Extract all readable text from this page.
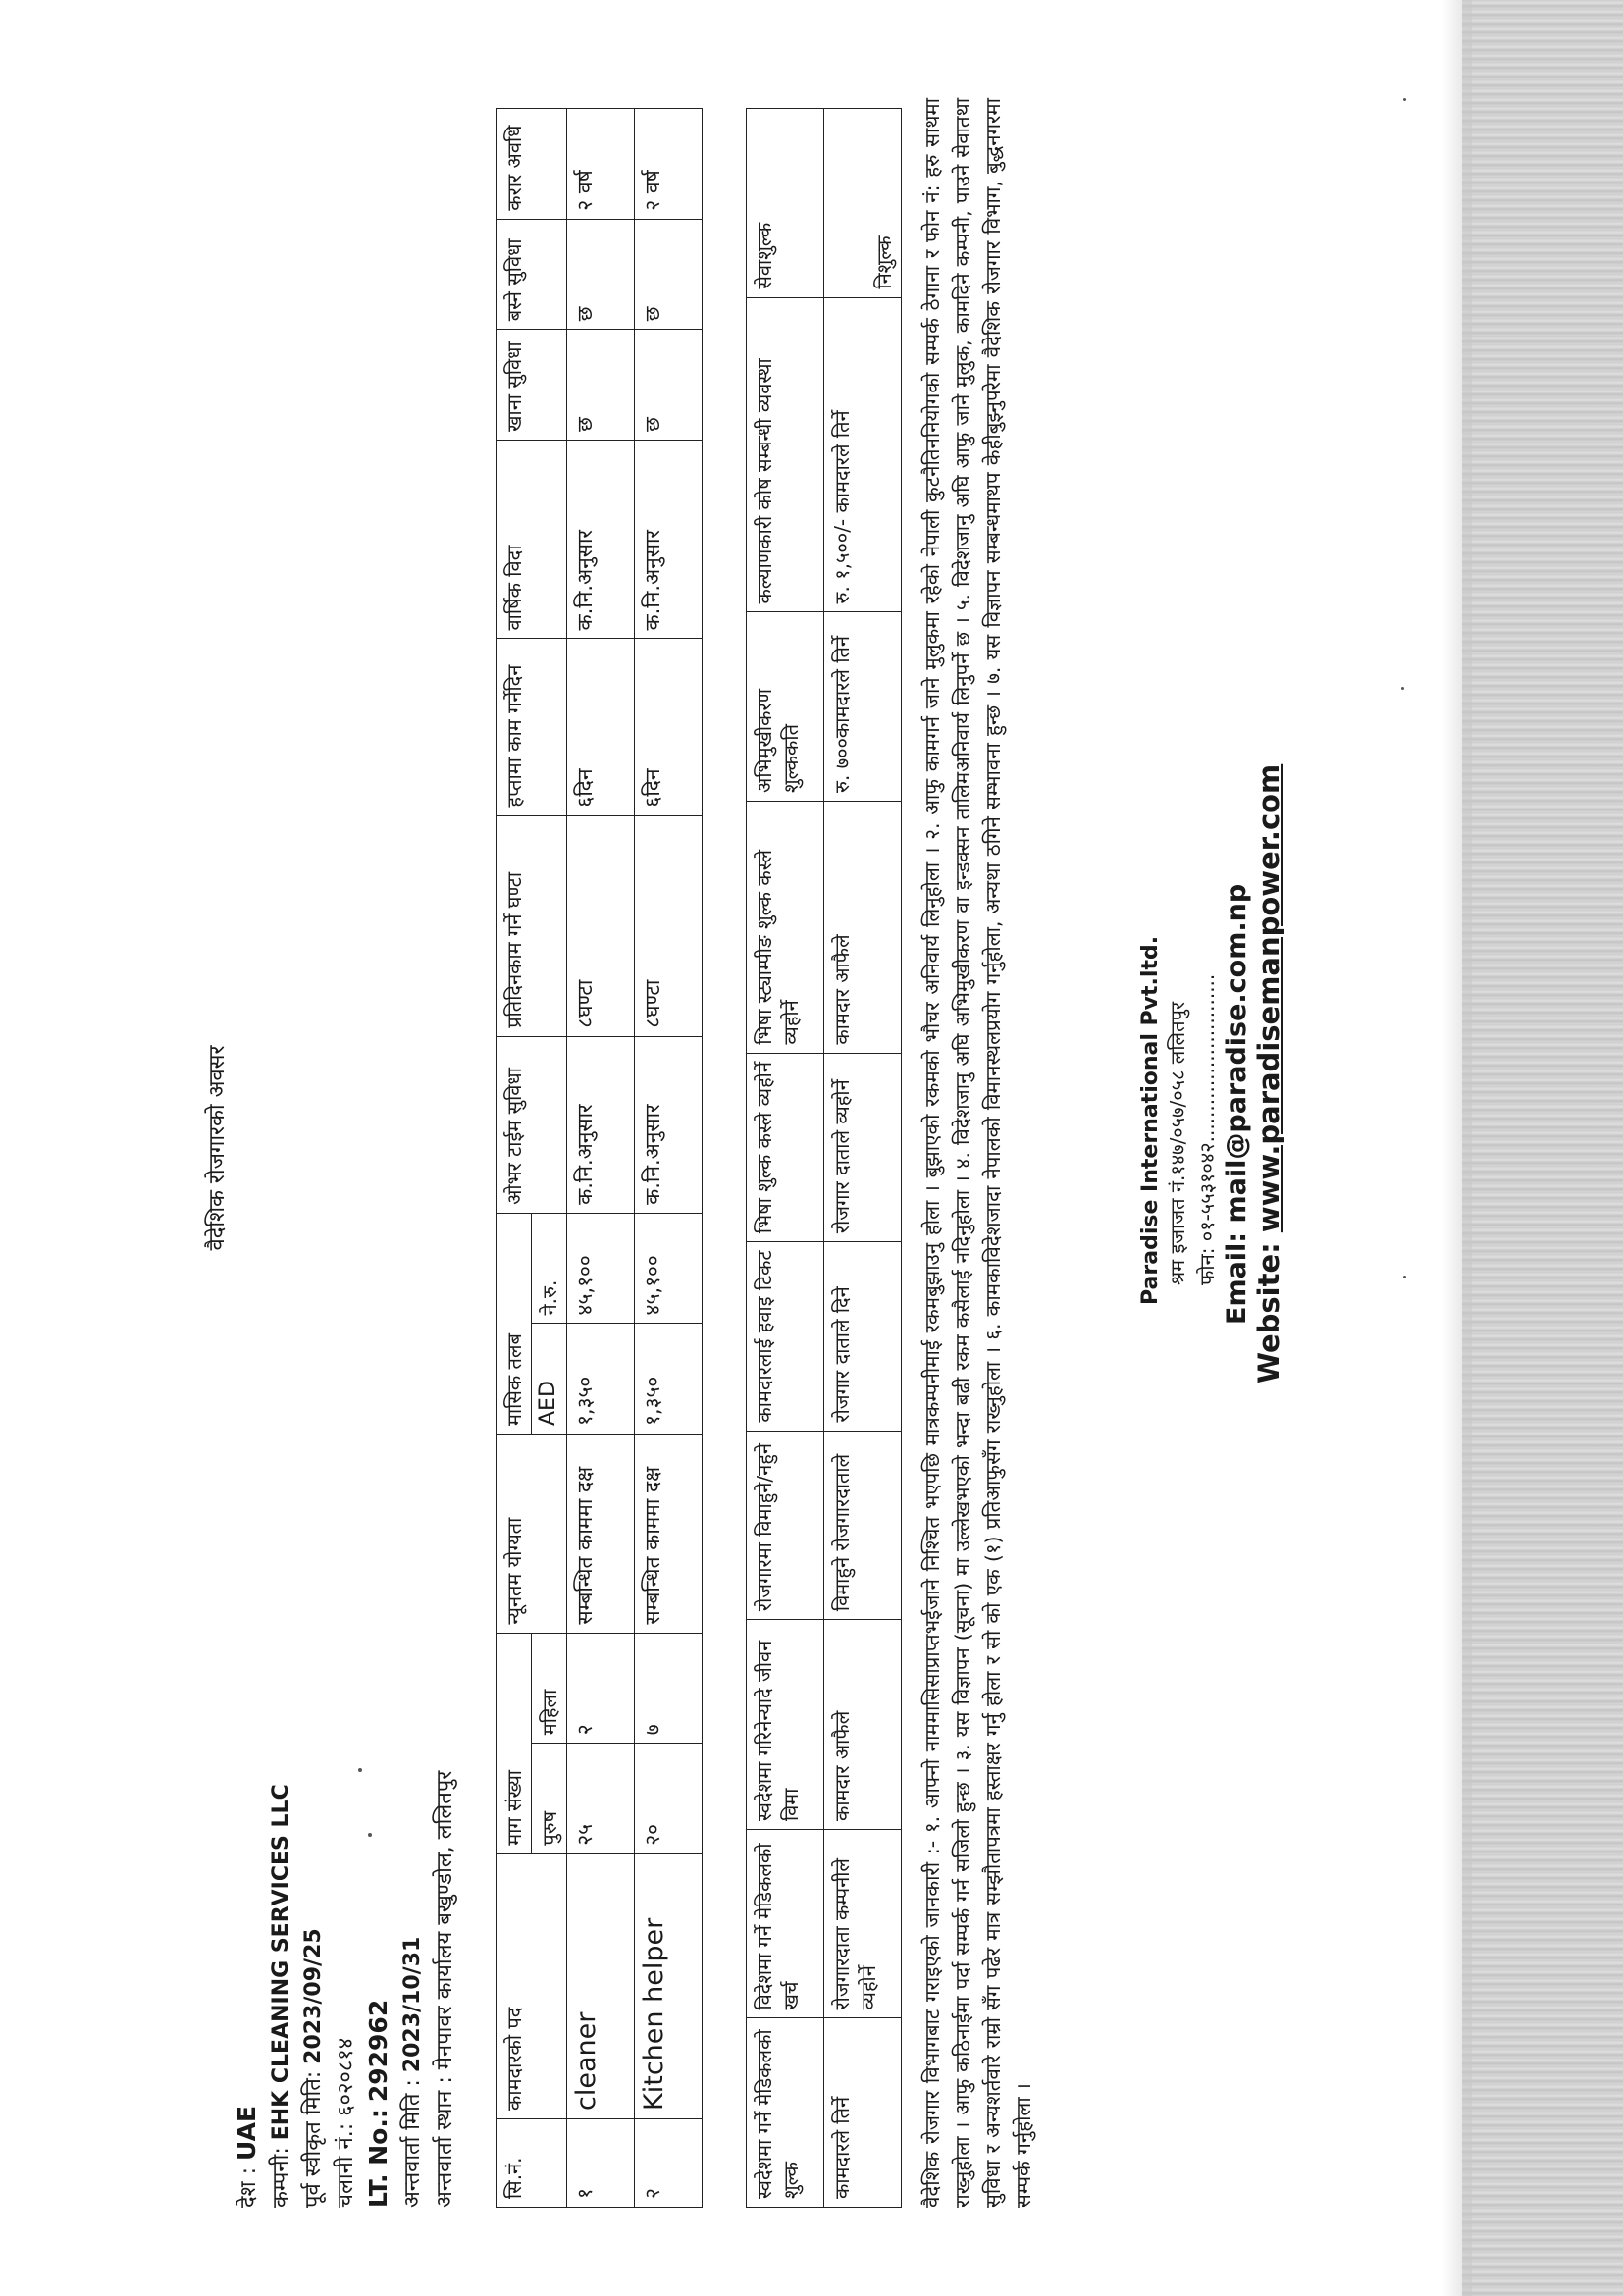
वैदेशिक रोजगारको अवसर
देश : UAE
कम्पनी: EHK CLEANING SERVICES LLC पूर्व स्वीकृत मिति: 2023/09/25
चलानी नं.: ६०२०८१४
LT. No.: 292962
अन्तवार्ता मिति : 2023/10/31
अन्तवार्ता स्थान : मेनपावर कार्यालय बखुण्डोल, ललितपुर
सि.नं.	कामदारको पद	माग संख्या		न्यूनतम योग्यता	मासिक तलब		ओभर टाईम सुविधा	प्रतिदिनकाम गर्ने घण्टा	हप्तामा काम गर्नेदिन	वार्षिक विदा	खाना सुविधा	बस्ने सुविधा	करार अवधि
		पुरुष	महिला		AED	ने.रु.							
१	cleaner	२५	२	सम्बन्धित काममा दक्ष	१,३५०	४५,१००	क.नि.अनुसार	८घण्टा	६दिन	क.नि.अनुसार	छ	छ	२ वर्ष
२	Kitchen helper	२०	७	सम्बन्धित काममा दक्ष	१,३५०	४५,१००	क.नि.अनुसार	८घण्टा	६दिन	क.नि.अनुसार	छ	छ	२ वर्ष
स्वदेशमा गर्ने मेडिकलको शुल्क	विदेशमा गर्ने मेडिकलको खर्च	स्वदेशमा गरिनेन्यादे जीवन विमा	रोजगारमा विमाहुने/नहुने	कामदारलाई हवाइ टिकट	भिषा शुल्क कस्ले व्यहोर्ने	भिषा स्ट्याम्पीङ शुल्क कस्ले व्यहोर्ने	अभिमुखीकरण शुल्ककति	कल्याणकारी कोष सम्बन्धी व्यवस्था	सेवाशुल्क
कामदारले तिर्ने	रोजगारदाता कम्पनीले व्यहोर्ने	कामदार आफैले	विमाहुने रोजगारदाताले	रोजगार दाताले दिने	रोजगार दाताले व्यहोर्ने	कामदार आफैले	रु. ७००कामदारले तिर्ने	रु. १,५००/- कामदारले तिर्ने	निशुल्क वैदेशिक रोजगार विभागबाट गराइएको जानकारी :- १. आफ्नो नाममासिसाप्राप्तभईजाने निश्चित भएपछि मात्रकम्पनीमाई रकमबुझाउनु होला । बुझाएको रकमको भौचर अनिवार्य लिनुहोला । २. आफु कामगर्न जाने मुलुकमा रहेको नेपाली कुटनैतिननियोगको सम्पर्क ठेगाना र फोन नं: हरु साथमा राख्नुहोला । आफु कठिनाईमा पर्दा सम्पर्क गर्न सजिलो हुन्छ । ३. यस विज्ञापन (सूचना) मा उल्लेखभएको भन्दा बढी रकम कसैलाई नदिनुहोला । ४. विदेशजानु अघि अभिमुखीकरण वा इन्डक्सन तालिमअनिवार्य लिनुपर्ने छ । ५. विदेशजानु अघि आफु जाने मुलुक, कामदिने कम्पनी, पाउने सेवातथा सुविधा र अन्यशर्तवारे राम्रो सँग पढेर मात्र सम्झौतापत्रमा हस्ताक्षर गर्नु होला र सो को एक (१) प्रतिआफुसँग राख्नुहोला । ६. कामकाविदेशजादा नेपालको विमानस्थलप्रयोग गर्नुहोला, अन्यथा ठगिने सम्भावना हुन्छ । ७. यस विज्ञापन सम्बन्धमाथप केहीबुझ्नुपरेमा वैदेशिक रोजगार विभाग, बुद्धनगरमा सम्पर्क गर्नुहोला ।
Paradise International Pvt.ltd. श्रम इजाजत नं.१४७/०५७/०५८ ललितपुर फोन: ०१-५५३१०४२........................... Email: mail@paradise.com.np
Website: www.paradisemanpower.com
